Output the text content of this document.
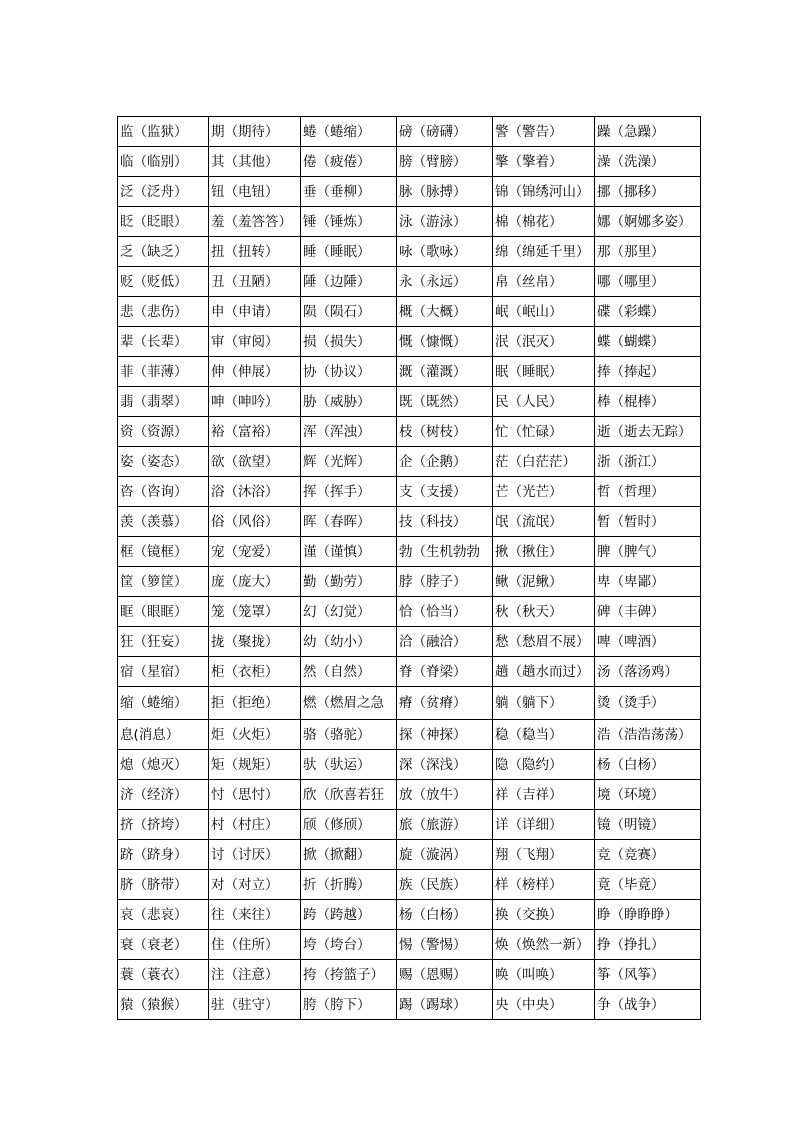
监（监狱）	期（期待）	蜷（蜷缩）	磅（磅礴）	警（警告）	躁（急躁）
临（临别）	其（其他）	倦（疲倦）	膀（臂膀）	擎（擎着）	澡（洗澡）
泛（泛舟）	钮（电钮）	垂（垂柳）	脉（脉搏）	锦（锦绣河山）	挪（挪移）
眨（眨眼）	羞（羞答答）	锤（锤炼）	泳（游泳）	棉（棉花）	娜（婀娜多姿）
乏（缺乏）	扭（扭转）	睡（睡眠）	咏（歌咏）	绵（绵延千里）	那（那里）
贬（贬低）	丑（丑陋）	陲（边陲）	永（永远）	帛（丝帛）	哪（哪里）
悲（悲伤）	申（申请）	陨（陨石）	概（大概）	岷（岷山）	碟（彩蝶）
辈（长辈）	审（审阅）	损（损失）	慨（慷慨）	泯（泯灭）	蝶（蝴蝶）
菲（菲薄）	伸（伸展）	协（协议）	溉（灌溉）	眠（睡眠）	捧（捧起）
翡（翡翠）	呻（呻吟）	胁（威胁）	既（既然）	民（人民）	棒（棍棒）
资（资源）	裕（富裕）	浑（浑浊）	枝（树枝）	忙（忙碌）	逝（逝去无踪）
姿（姿态）	欲（欲望）	辉（光辉）	企（企鹅）	茫（白茫茫）	浙（浙江）
咨（咨询）	浴（沐浴）	挥（挥手）	支（支援）	芒（光芒）	哲（哲理）
羡（羡慕）	俗（风俗）	晖（春晖）	技（科技）	氓（流氓）	暂（暂时）
框（镜框）	宠（宠爱）	谨（谨慎）	勃（生机勃勃	揪（揪住）	脾（脾气）
筐（箩筐）	庞（庞大）	勤（勤劳）	脖（脖子）	鳅（泥鳅）	卑（卑鄙）
眶（眼眶）	笼（笼罩）	幻（幻觉）	恰（恰当）	秋（秋天）	碑（丰碑）
狂（狂妄）	拢（聚拢）	幼（幼小）	洽（融洽）	愁（愁眉不展）	啤（啤酒）
宿（星宿）	柜（衣柜）	然（自然）	脊（脊梁）	趟（趟水而过）	汤（落汤鸡）
缩（蜷缩）	拒（拒绝）	燃（燃眉之急	瘠（贫瘠）	躺（躺下）	烫（烫手）
息(消息）	炬（火炬）	骆（骆驼）	探（神探）	稳（稳当）	浩（浩浩荡荡）
熄（熄灭）	矩（规矩）	驮（驮运）	深（深浅）	隐（隐约）	杨（白杨）
济（经济）	忖（思忖）	欣（欣喜若狂	放（放牛）	祥（吉祥）	境（环境）
挤（挤垮）	村（村庄）	颀（修颀）	旅（旅游）	详（详细）	镜（明镜）
跻（跻身）	讨（讨厌）	掀（掀翻）	旋（漩涡）	翔（飞翔）	竞（竞赛）
脐（脐带）	对（对立）	折（折腾）	族（民族）	样（榜样）	竟（毕竟）
哀（悲哀）	往（来往）	跨（跨越）	杨（白杨）	换（交换）	睁（睁睁睁）
衰（衰老）	住（住所）	垮（垮台）	惕（警惕）	焕（焕然一新）	挣（挣扎）
蓑（蓑衣）	注（注意）	挎（挎篮子）	赐（恩赐）	唤（叫唤）	筝（风筝）
猿（猿猴）	驻（驻守）	胯（胯下）	踢（踢球）	央（中央）	争（战争）
